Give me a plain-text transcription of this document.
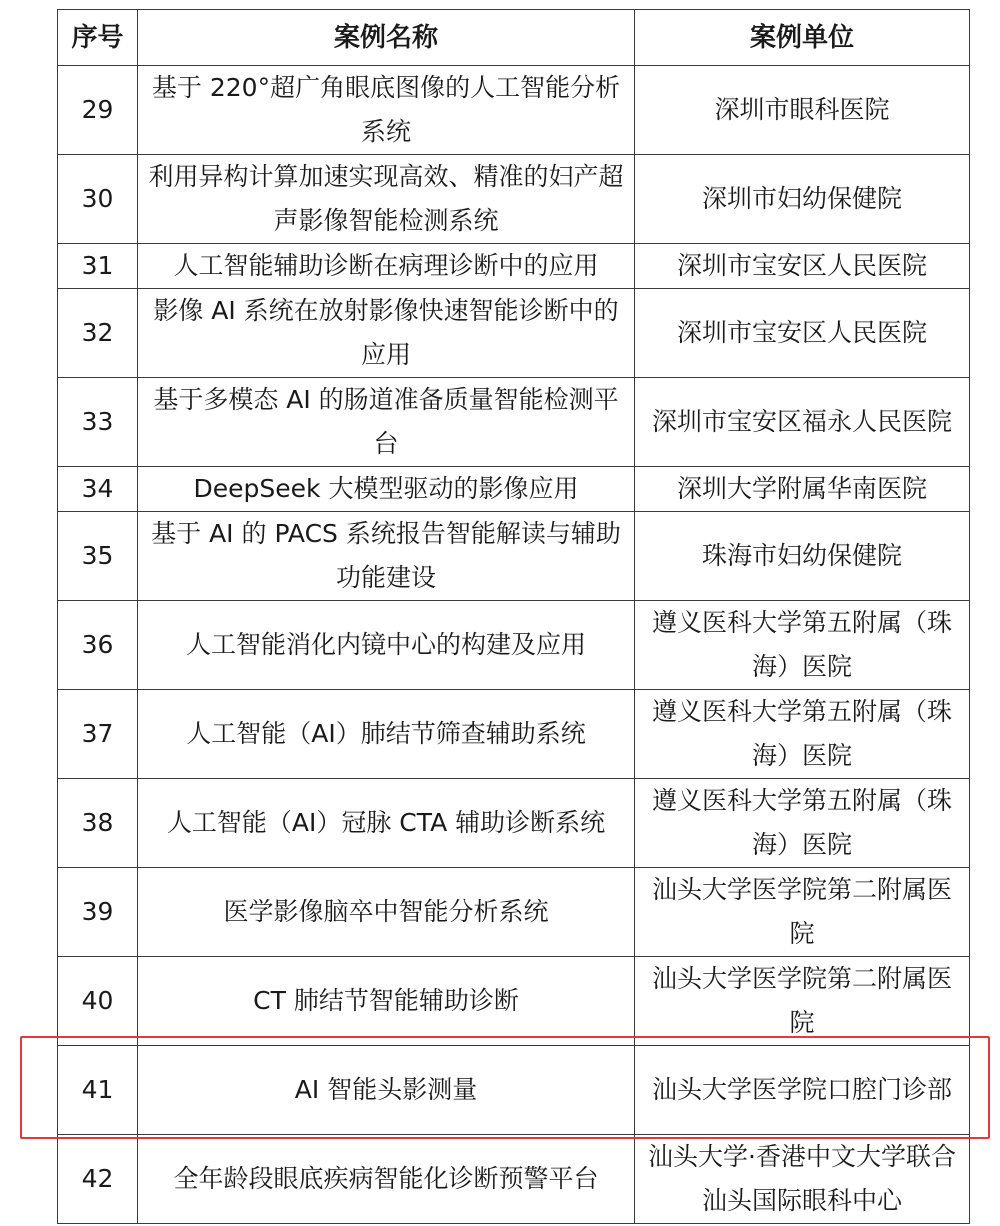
序号	案例名称	案例单位
29	基于 220°超广角眼底图像的人工智能分析系统	深圳市眼科医院
30	利用异构计算加速实现高效、精准的妇产超声影像智能检测系统	深圳市妇幼保健院
31	人工智能辅助诊断在病理诊断中的应用	深圳市宝安区人民医院
32	影像 AI 系统在放射影像快速智能诊断中的应用	深圳市宝安区人民医院
33	基于多模态 AI 的肠道准备质量智能检测平台	深圳市宝安区福永人民医院
34	DeepSeek 大模型驱动的影像应用	深圳大学附属华南医院
35	基于 AI 的 PACS 系统报告智能解读与辅助功能建设	珠海市妇幼保健院
36	人工智能消化内镜中心的构建及应用	遵义医科大学第五附属（珠海）医院
37	人工智能（AI）肺结节筛查辅助系统	遵义医科大学第五附属（珠海）医院
38	人工智能（AI）冠脉 CTA 辅助诊断系统	遵义医科大学第五附属（珠海）医院
39	医学影像脑卒中智能分析系统	汕头大学医学院第二附属医院
40	CT 肺结节智能辅助诊断	汕头大学医学院第二附属医院
41	AI 智能头影测量	汕头大学医学院口腔门诊部
42	全年龄段眼底疾病智能化诊断预警平台	汕头大学·香港中文大学联合汕头国际眼科中心
